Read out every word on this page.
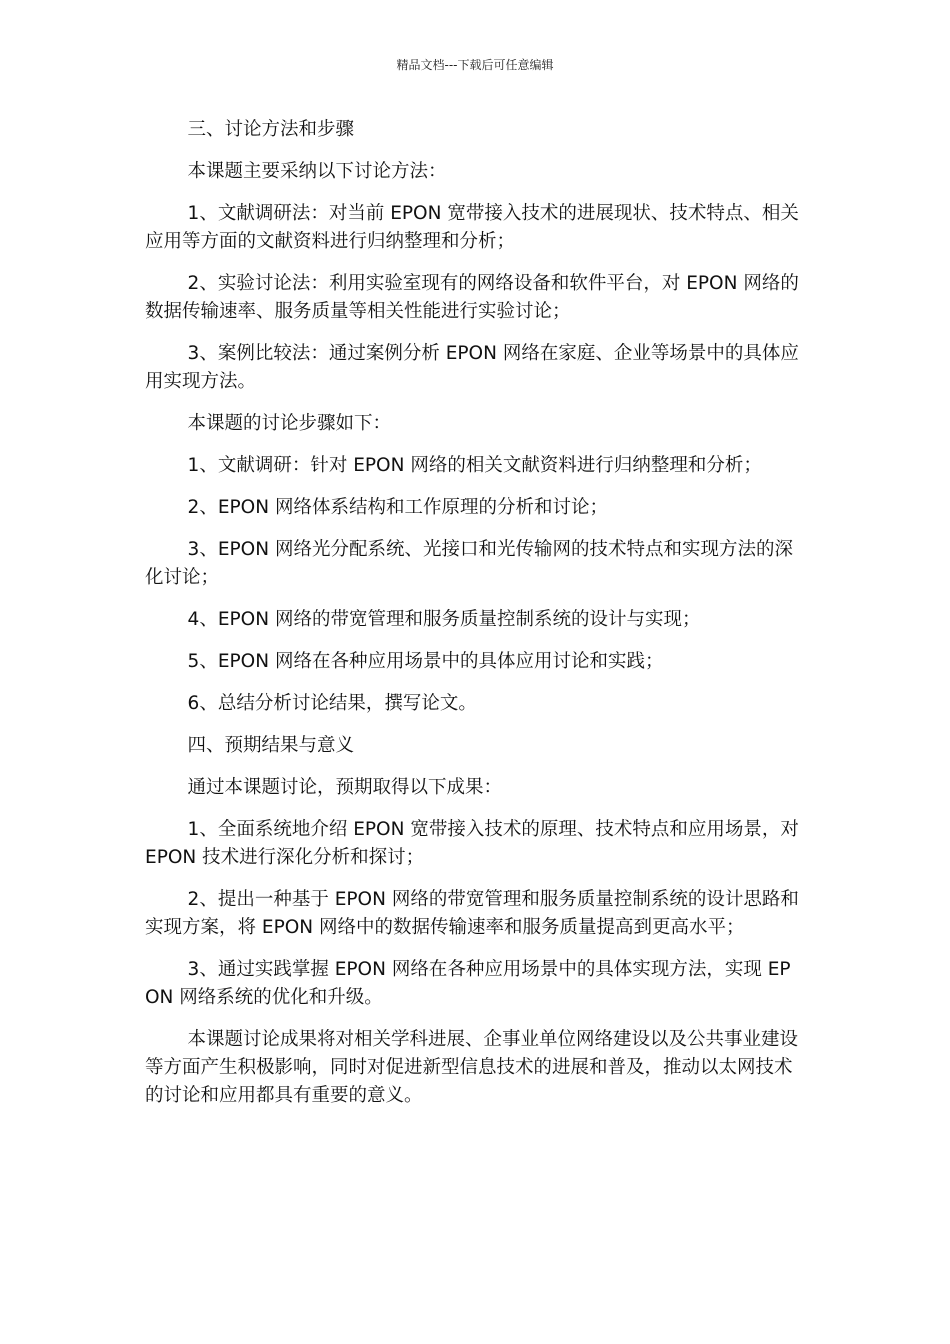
精品文档---下载后可任意编辑

三、讨论方法和步骤

本课题主要采纳以下讨论方法：

1、文献调研法：对当前 EPON 宽带接入技术的进展现状、技术特点、相关应用等方面的文献资料进行归纳整理和分析；

2、实验讨论法：利用实验室现有的网络设备和软件平台，对 EPON 网络的数据传输速率、服务质量等相关性能进行实验讨论；

3、案例比较法：通过案例分析 EPON 网络在家庭、企业等场景中的具体应用实现方法。

本课题的讨论步骤如下：

1、文献调研：针对 EPON 网络的相关文献资料进行归纳整理和分析；

2、EPON 网络体系结构和工作原理的分析和讨论；

3、EPON 网络光分配系统、光接口和光传输网的技术特点和实现方法的深化讨论；

4、EPON 网络的带宽管理和服务质量控制系统的设计与实现；

5、EPON 网络在各种应用场景中的具体应用讨论和实践；

6、总结分析讨论结果，撰写论文。

四、预期结果与意义

通过本课题讨论，预期取得以下成果：

1、全面系统地介绍 EPON 宽带接入技术的原理、技术特点和应用场景，对 EPON 技术进行深化分析和探讨；

2、提出一种基于 EPON 网络的带宽管理和服务质量控制系统的设计思路和实现方案，将 EPON 网络中的数据传输速率和服务质量提高到更高水平；

3、通过实践掌握 EPON 网络在各种应用场景中的具体实现方法，实现 EPON 网络系统的优化和升级。

本课题讨论成果将对相关学科进展、企事业单位网络建设以及公共事业建设等方面产生积极影响，同时对促进新型信息技术的进展和普及，推动以太网技术的讨论和应用都具有重要的意义。
